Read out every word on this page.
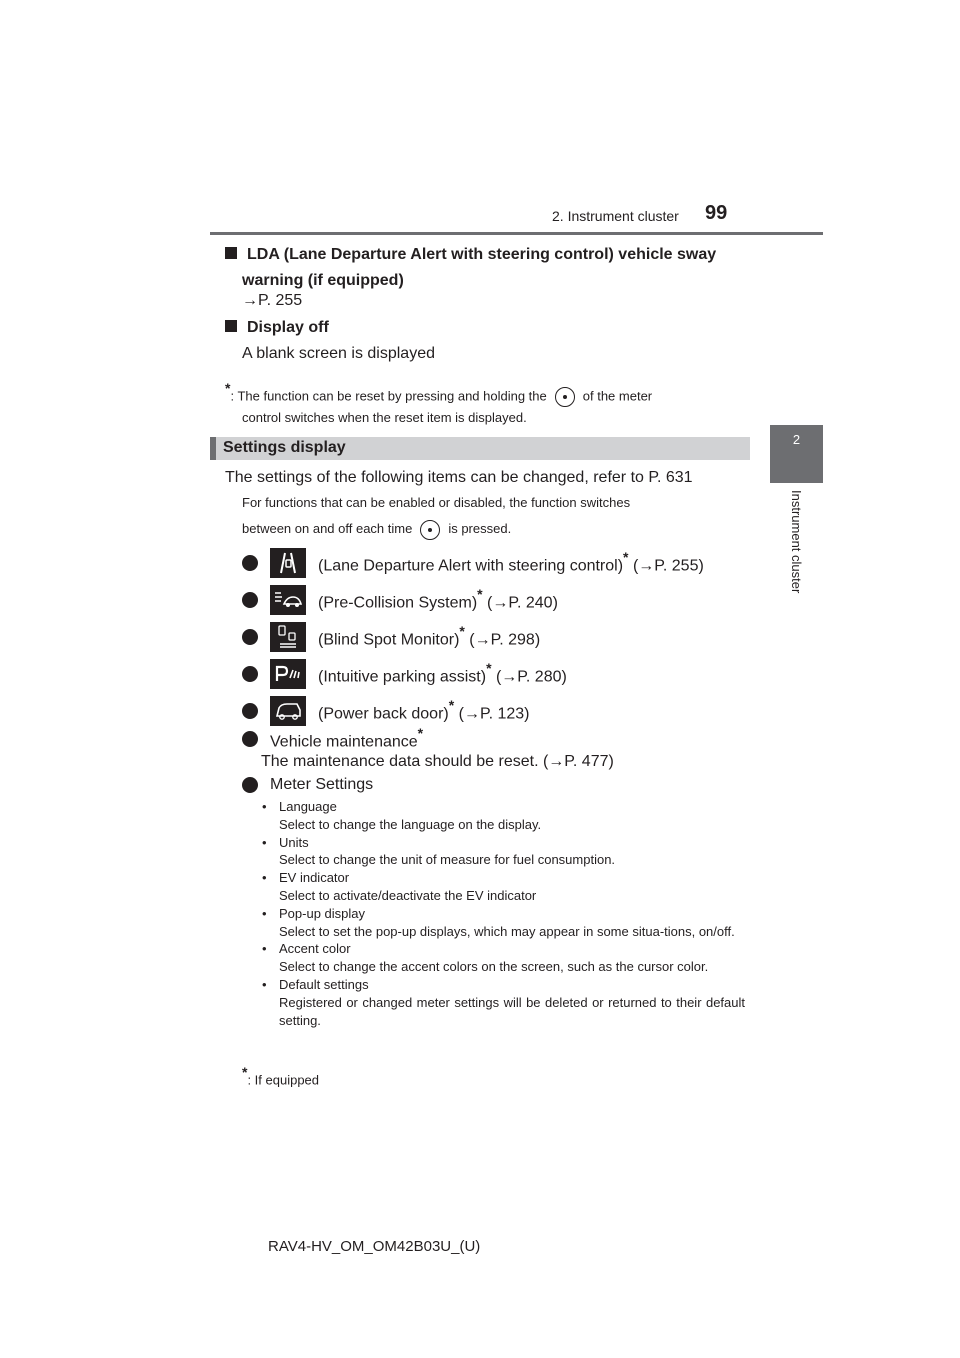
2. Instrument cluster 99
2
Instrument cluster
LDA (Lane Departure Alert with steering control) vehicle sway
warning (if equipped)
→P. 255
Display off
A blank screen is displayed
*: The function can be reset by pressing and holding the	of the meter
control switches when the reset item is displayed.
Settings display
The settings of the following items can be changed, refer to P. 631
For functions that can be enabled or disabled, the function switches
between on and off each time	is pressed.
(Lane Departure Alert with steering control)* (→P. 255)
(Pre-Collision System)* (→P. 240)
(Blind Spot Monitor)* (→P. 298)
(Intuitive parking assist)* (→P. 280)
(Power back door)* (→P. 123)
Vehicle maintenance*
The maintenance data should be reset. (→P. 477)
Meter Settings
• Language
Select to change the language on the display.
• Units
Select to change the unit of measure for fuel consumption.
• EV indicator
Select to activate/deactivate the EV indicator
• Pop-up display
Select to set the pop-up displays, which may appear in some situa-tions, on/off.
• Accent color
Select to change the accent colors on the screen, such as the cursor color.
• Default settings
Registered or changed meter settings will be deleted or returned to their default setting.
*: If equipped
RAV4-HV_OM_OM42B03U_(U)
